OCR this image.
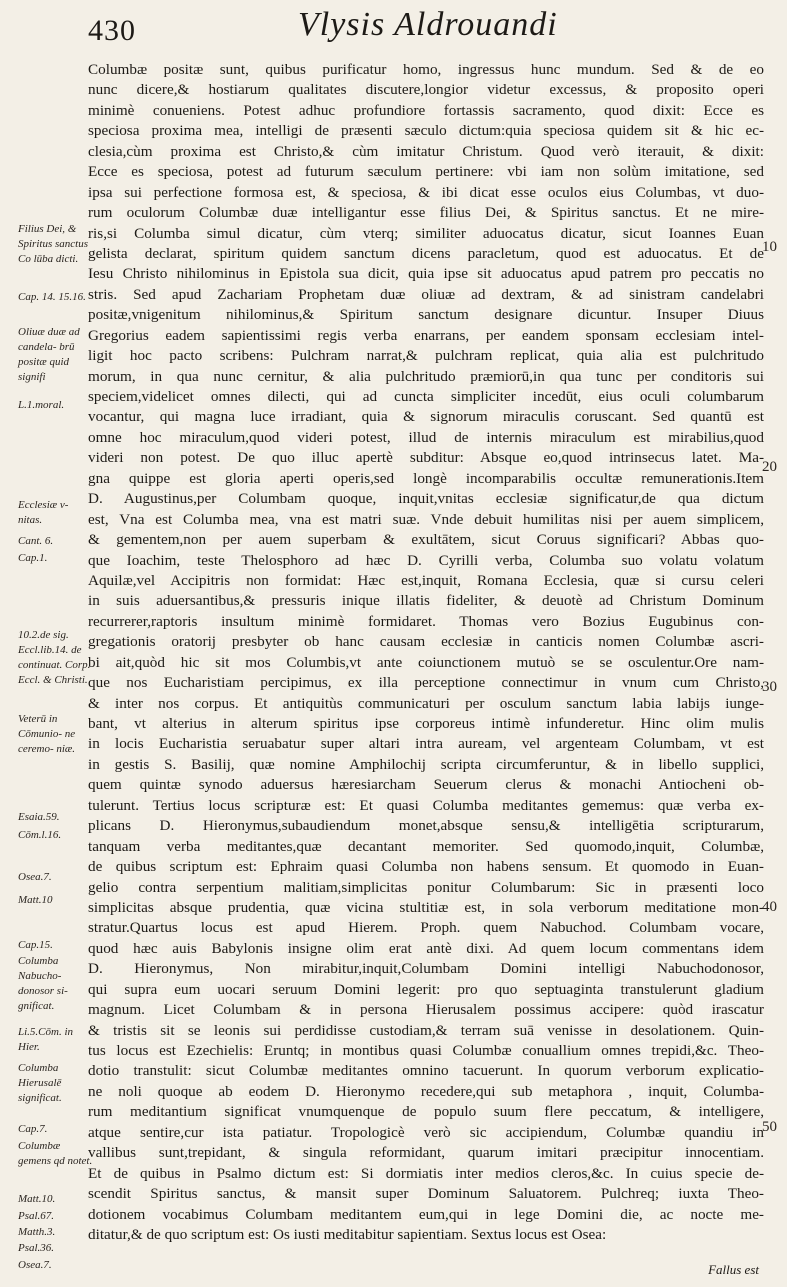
430	Vlysis Aldrouandi
Filius Dei, & Spiritus sanctus Co lūba dicti.
Cap. 14. 15.16.
Oliuæ duæ ad candela- brū positæ quid signifi
L.1.moral.
Ecclesiæ v- nitas.
Cant. 6.
Cap.1.
10.2.de sig. Eccl.lib.14. de continuat. Corp. Eccl. & Christi.
Veterū in Cōmunio- ne ceremo- niæ.
Esaia.59.
Cōm.l.16.
Osea.7.
Matt.10
Cap.15.
Columba Nabucho- donosor si- gnificat.
Li.5.Cōm. in Hier.
Columba Hierusalē significat.
Cap.7.
Columbæ gemens qd notet.
Matt.10.
Psal.67.
Matth.3.
Psal.36.
Osea.7.
Columbæ positæ sunt, quibus purificatur homo, ingressus hunc mundum. Sed & de eo
nunc dicere,& hostiarum qualitates discutere,longior videtur excessus, & proposito operi
minimè conueniens. Potest adhuc profundiore fortassis sacramento, quod dixit: Ecce es
speciosa proxima mea, intelligi de præsenti sæculo dictum:quia speciosa quidem sit & hic ec-
clesia,cùm proxima est Christo,& cùm imitatur Christum. Quod verò iterauit, & dixit:
Ecce es speciosa, potest ad futurum sæculum pertinere: vbi iam non solùm imitatione, sed
ipsa sui perfectione formosa est, & speciosa, & ibi dicat esse oculos eius Columbas, vt duo-
rum oculorum Columbæ duæ intelligantur esse filius Dei, & Spiritus sanctus. Et ne mire-
ris,si Columba simul dicatur, cùm vterq; similiter aduocatus dicatur, sicut Ioannes Euan
gelista declarat, spiritum quidem sanctum dicens paracletum, quod est aduocatus. Et de
Iesu Christo nihilominus in Epistola sua dicit, quia ipse sit aduocatus apud patrem pro peccatis no
stris. Sed apud Zachariam Prophetam duæ oliuæ ad dextram, & ad sinistram candelabri
positæ,vnigenitum nihilominus,& Spiritum sanctum designare dicuntur. Insuper Diuus
Gregorius eadem sapientissimi regis verba enarrans, per eandem sponsam ecclesiam intel-
ligit hoc pacto scribens: Pulchram narrat,& pulchram replicat, quia alia est pulchritudo
morum, in qua nunc cernitur, & alia pulchritudo præmiorū,in qua tunc per conditoris sui
speciem,videlicet omnes dilecti, qui ad cuncta simpliciter incedūt, eius oculi columbarum
vocantur, qui magna luce irradiant, quia & signorum miraculis coruscant. Sed quantū est
omne hoc miraculum,quod videri potest, illud de internis miraculum est mirabilius,quod
videri non potest. De quo illuc apertè subditur: Absque eo,quod intrinsecus latet. Ma-
gna quippe est gloria aperti operis,sed longè incomparabilis occultæ remunerationis.Item
D. Augustinus,per Columbam quoque, inquit,vnitas ecclesiæ significatur,de qua dictum
est, Vna est Columba mea, vna est matri suæ. Vnde debuit humilitas nisi per auem simplicem,
& gementem,non per auem superbam & exultātem, sicut Coruus significari? Abbas quo-
que Ioachim, teste Thelosphoro ad hæc D. Cyrilli verba, Columba suo volatu volatum
Aquilæ,vel Accipitris non formidat: Hæc est,inquit, Romana Ecclesia, quæ si cursu celeri
in suis aduersantibus,& pressuris inique illatis fideliter, & deuotè ad Christum Dominum
recurrerer,raptoris insultum minimè formidaret. Thomas vero Bozius Eugubinus con-
gregationis oratorij presbyter ob hanc causam ecclesiæ in canticis nomen Columbæ ascri-
bi ait,quòd hic sit mos Columbis,vt ante coiunctionem mutuò se se osculentur.Ore nam-
que nos Eucharistiam percipimus, ex illa perceptione connectimur in vnum cum Christo,
& inter nos corpus. Et antiquitùs communicaturi per osculum sanctum labia labijs iunge-
bant, vt alterius in alterum spiritus ipse corporeus intimè infunderetur. Hinc olim mulis
in locis Eucharistia seruabatur super altari intra auream, vel argenteam Columbam, vt est
in gestis S. Basilij, quæ nomine Amphilochij scripta circumferuntur, & in libello supplici,
quem quintæ synodo aduersus hæresiarcham Seuerum clerus & monachi Antiocheni ob-
tulerunt. Tertius locus scripturæ est: Et quasi Columba meditantes gememus: quæ verba ex-
plicans D. Hieronymus,subaudiendum monet,absque sensu,& intelligētia scripturarum,
tanquam verba meditantes,quæ decantant memoriter. Sed quomodo,inquit, Columbæ,
de quibus scriptum est: Ephraim quasi Columba non habens sensum. Et quomodo in Euan-
gelio contra serpentium malitiam,simplicitas ponitur Columbarum: Sic in præsenti loco
simplicitas absque prudentia, quæ vicina stultitiæ est, in sola verborum meditatione mon-
stratur.Quartus locus est apud Hierem. Proph. quem Nabuchod. Columbam vocare,
quod hæc auis Babylonis insigne olim erat antè dixi. Ad quem locum commentans idem
D. Hieronymus, Non mirabitur,inquit,Columbam Domini intelligi Nabuchodonosor,
qui supra eum uocari seruum Domini legerit: pro quo septuaginta transtulerunt gladium
magnum. Licet Columbam & in persona Hierusalem possimus accipere: quòd irascatur
& tristis sit se leonis sui perdidisse custodiam,& terram suā venisse in desolationem. Quin-
tus locus est Ezechielis: Eruntq; in montibus quasi Columbæ conuallium omnes trepidi,&c. Theo-
dotio transtulit: sicut Columbæ meditantes omnino tacuerunt. In quorum verborum explicatio-
ne noli quoque ab eodem D. Hieronymo recedere,qui sub metaphora , inquit, Columba-
rum meditantium significat vnumquenque de populo suum flere peccatum, & intelligere,
atque sentire,cur ista patiatur. Tropologicè verò sic accipiendum, Columbæ quandiu in
vallibus sunt,trepidant, & singula reformidant, quarum imitari præcipitur innocentiam.
Et de quibus in Psalmo dictum est: Si dormiatis inter medios cleros,&c. In cuius specie de-
scendit Spiritus sanctus, & mansit super Dominum Saluatorem. Pulchreq; iuxta Theo-
dotionem vocabimus Columbam meditantem eum,qui in lege Domini die, ac nocte me-
ditatur,& de quo scriptum est: Os iusti meditabitur sapientiam. Sextus locus est Osea:
10
20
30
40
50
Fallus est
